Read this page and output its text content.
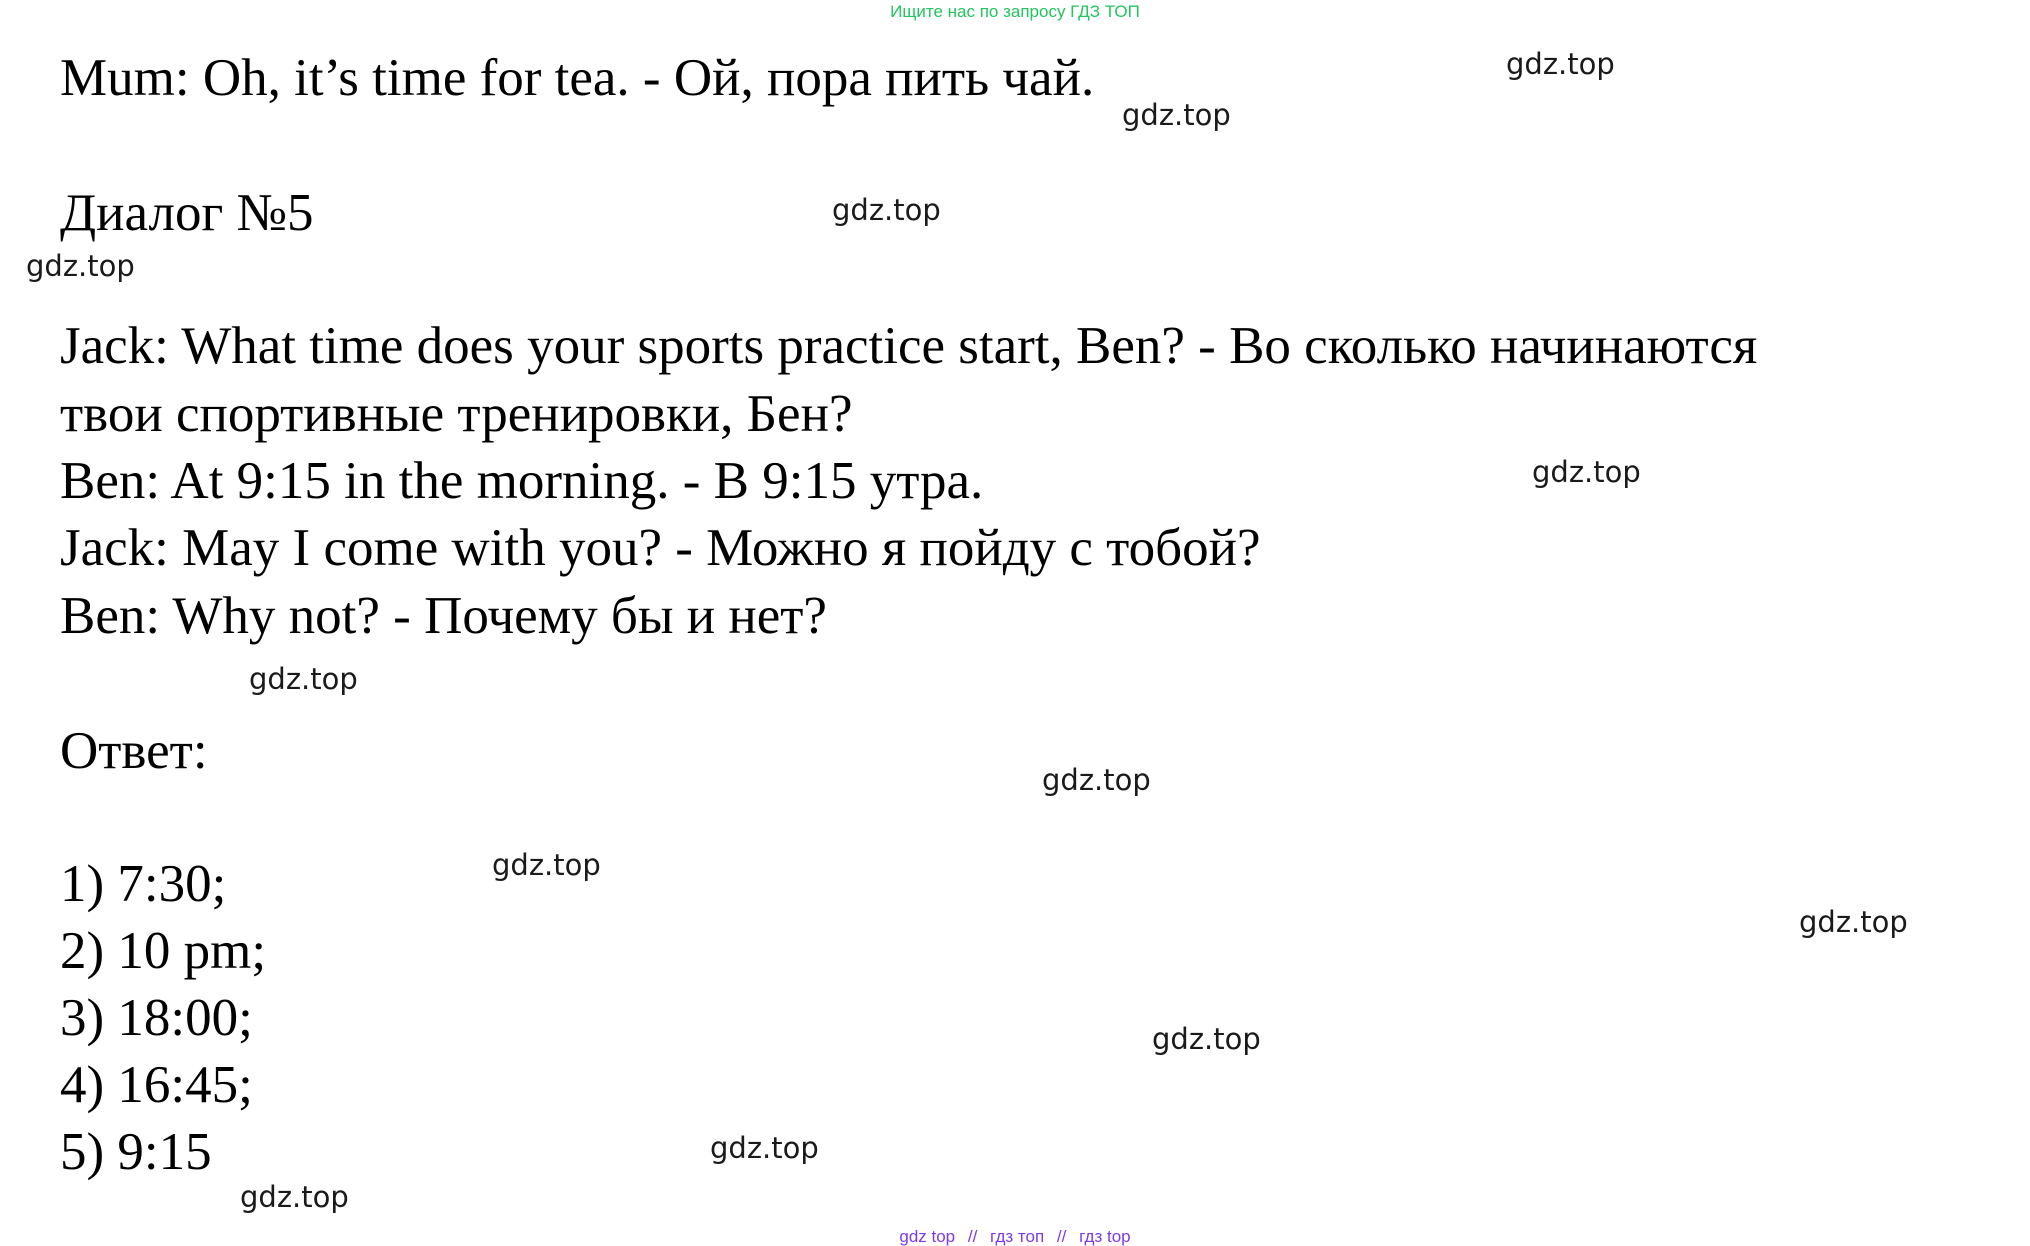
Ищите нас по запросу ГДЗ ТОП
Mum: Oh, it’s time for tea. - Ой, пора пить чай.
Диалог №5
Jack: What time does your sports practice start, Ben? - Во сколько начинаются
твои спортивные тренировки, Бен?
Ben: At 9:15 in the morning. - В 9:15 утра.
Jack: May I come with you? - Можно я пойду с тобой?
Ben: Why not? - Почему бы и нет?
Ответ:
1) 7:30;
2) 10 pm;
3) 18:00;
4) 16:45;
5) 9:15
gdz.top
gdz.top
gdz.top
gdz.top
gdz.top
gdz.top
gdz.top
gdz.top
gdz.top
gdz.top
gdz.top
gdz.top
gdz top // гдз топ // гдз top
